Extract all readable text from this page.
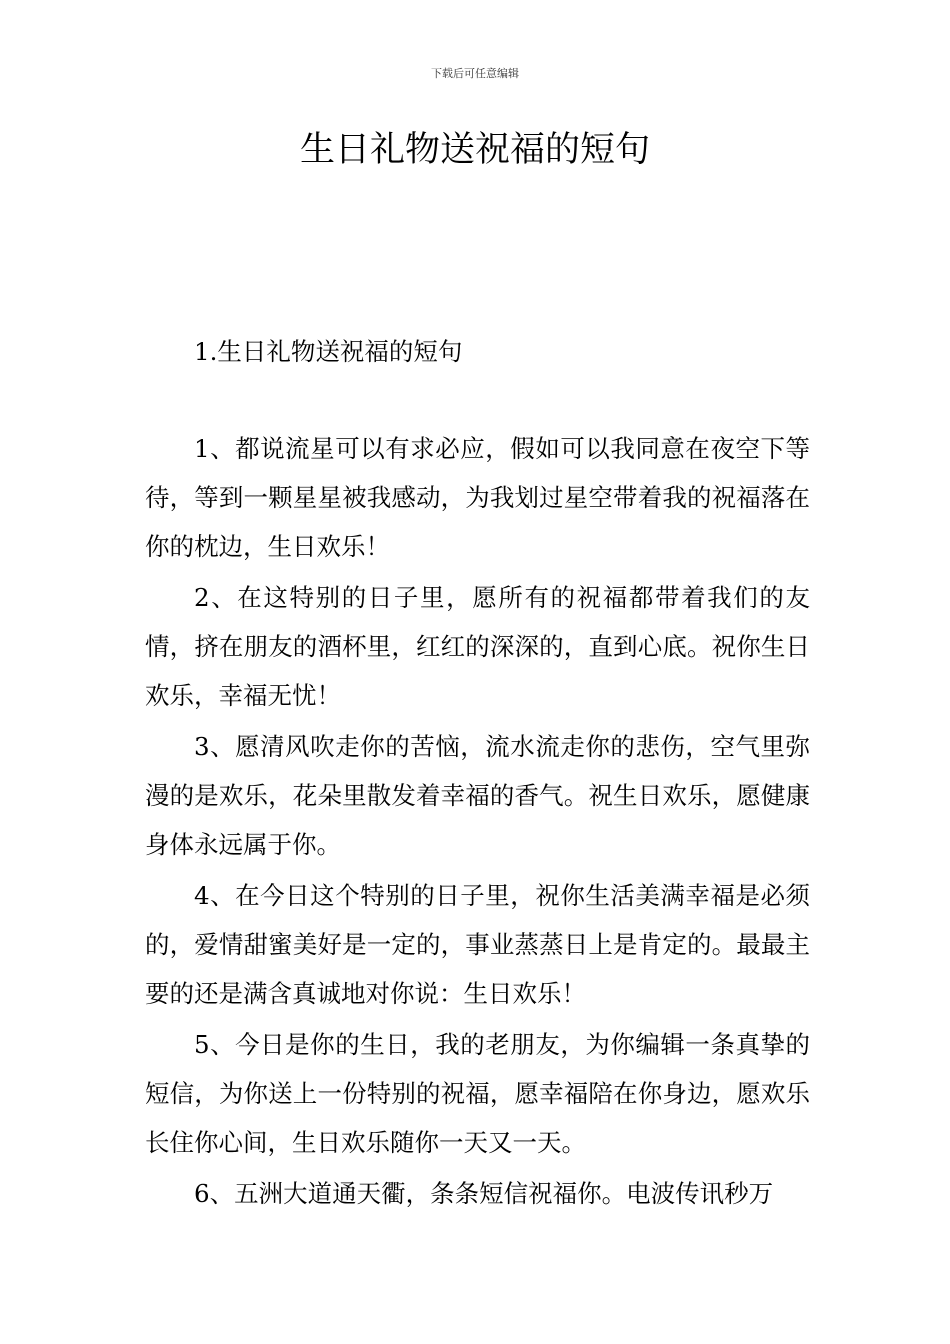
下载后可任意编辑
生日礼物送祝福的短句
1.生日礼物送祝福的短句

1、都说流星可以有求必应，假如可以我同意在夜空下等待，等到一颗星星被我感动，为我划过星空带着我的祝福落在你的枕边，生日欢乐！

2、在这特别的日子里，愿所有的祝福都带着我们的友情，挤在朋友的酒杯里，红红的深深的，直到心底。祝你生日欢乐，幸福无忧！

3、愿清风吹走你的苦恼，流水流走你的悲伤，空气里弥漫的是欢乐，花朵里散发着幸福的香气。祝生日欢乐，愿健康身体永远属于你。

4、在今日这个特别的日子里，祝你生活美满幸福是必须的，爱情甜蜜美好是一定的，事业蒸蒸日上是肯定的。最最主要的还是满含真诚地对你说：生日欢乐！

5、今日是你的生日，我的老朋友，为你编辑一条真挚的短信，为你送上一份特别的祝福，愿幸福陪在你身边，愿欢乐长住你心间，生日欢乐随你一天又一天。

6、五洲大道通天衢，条条短信祝福你。电波传讯秒万
